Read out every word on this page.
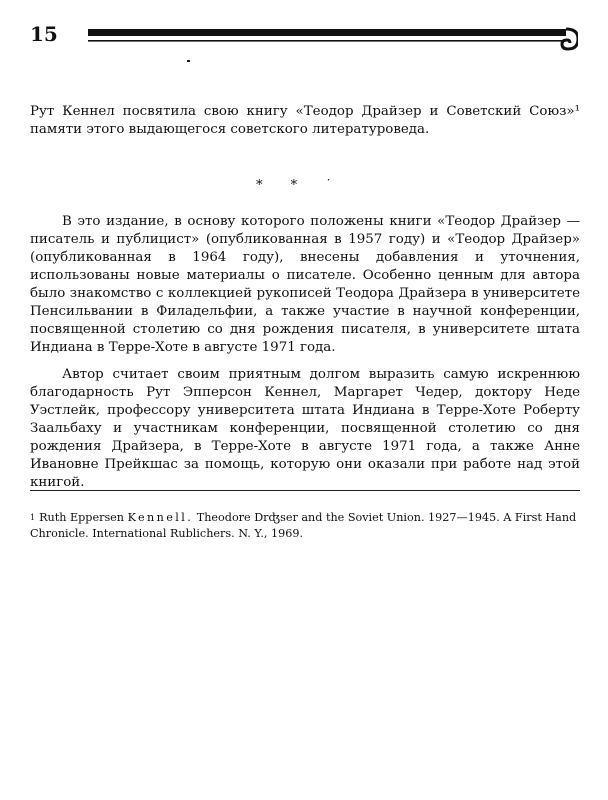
15

Рут Кеннел посвятила свою книгу «Теодор Драйзер и Советский Союз»¹ памяти этого выдающегося советского литературоведа.

* * ˙

В это издание, в основу которого положены книги «Теодор Драйзер — писатель и публицист» (опубликованная в 1957 году) и «Теодор Драйзер» (опубликованная в 1964 году), внесены добавления и уточнения, использованы новые материалы о писателе. Особенно ценным для автора было знакомство с коллекцией рукописей Теодора Драйзера в университете Пенсильвании в Филадельфии, а также участие в научной конференции, посвященной столетию со дня рождения писателя, в университете штата Индиана в Терре-Хоте в августе 1971 года.

Автор считает своим приятным долгом выразить самую искреннюю благодарность Рут Эпперсон Кеннел, Маргарет Чедер, доктору Неде Уэстлейк, профессору университета штата Индиана в Терре-Хоте Роберту Заальбаху и участникам конференции, посвященной столетию со дня рождения Драйзера, в Терре-Хоте в августе 1971 года, а также Анне Ивановне Прейкшас за помощь, которую они оказали при работе над этой книгой.

$^1$ Ruth Eppersen Kennell. Theodore Drʤser and the Soviet Union. 1927—1945. A First Hand Chronicle. International Rublichers. N. Y., 1969.
